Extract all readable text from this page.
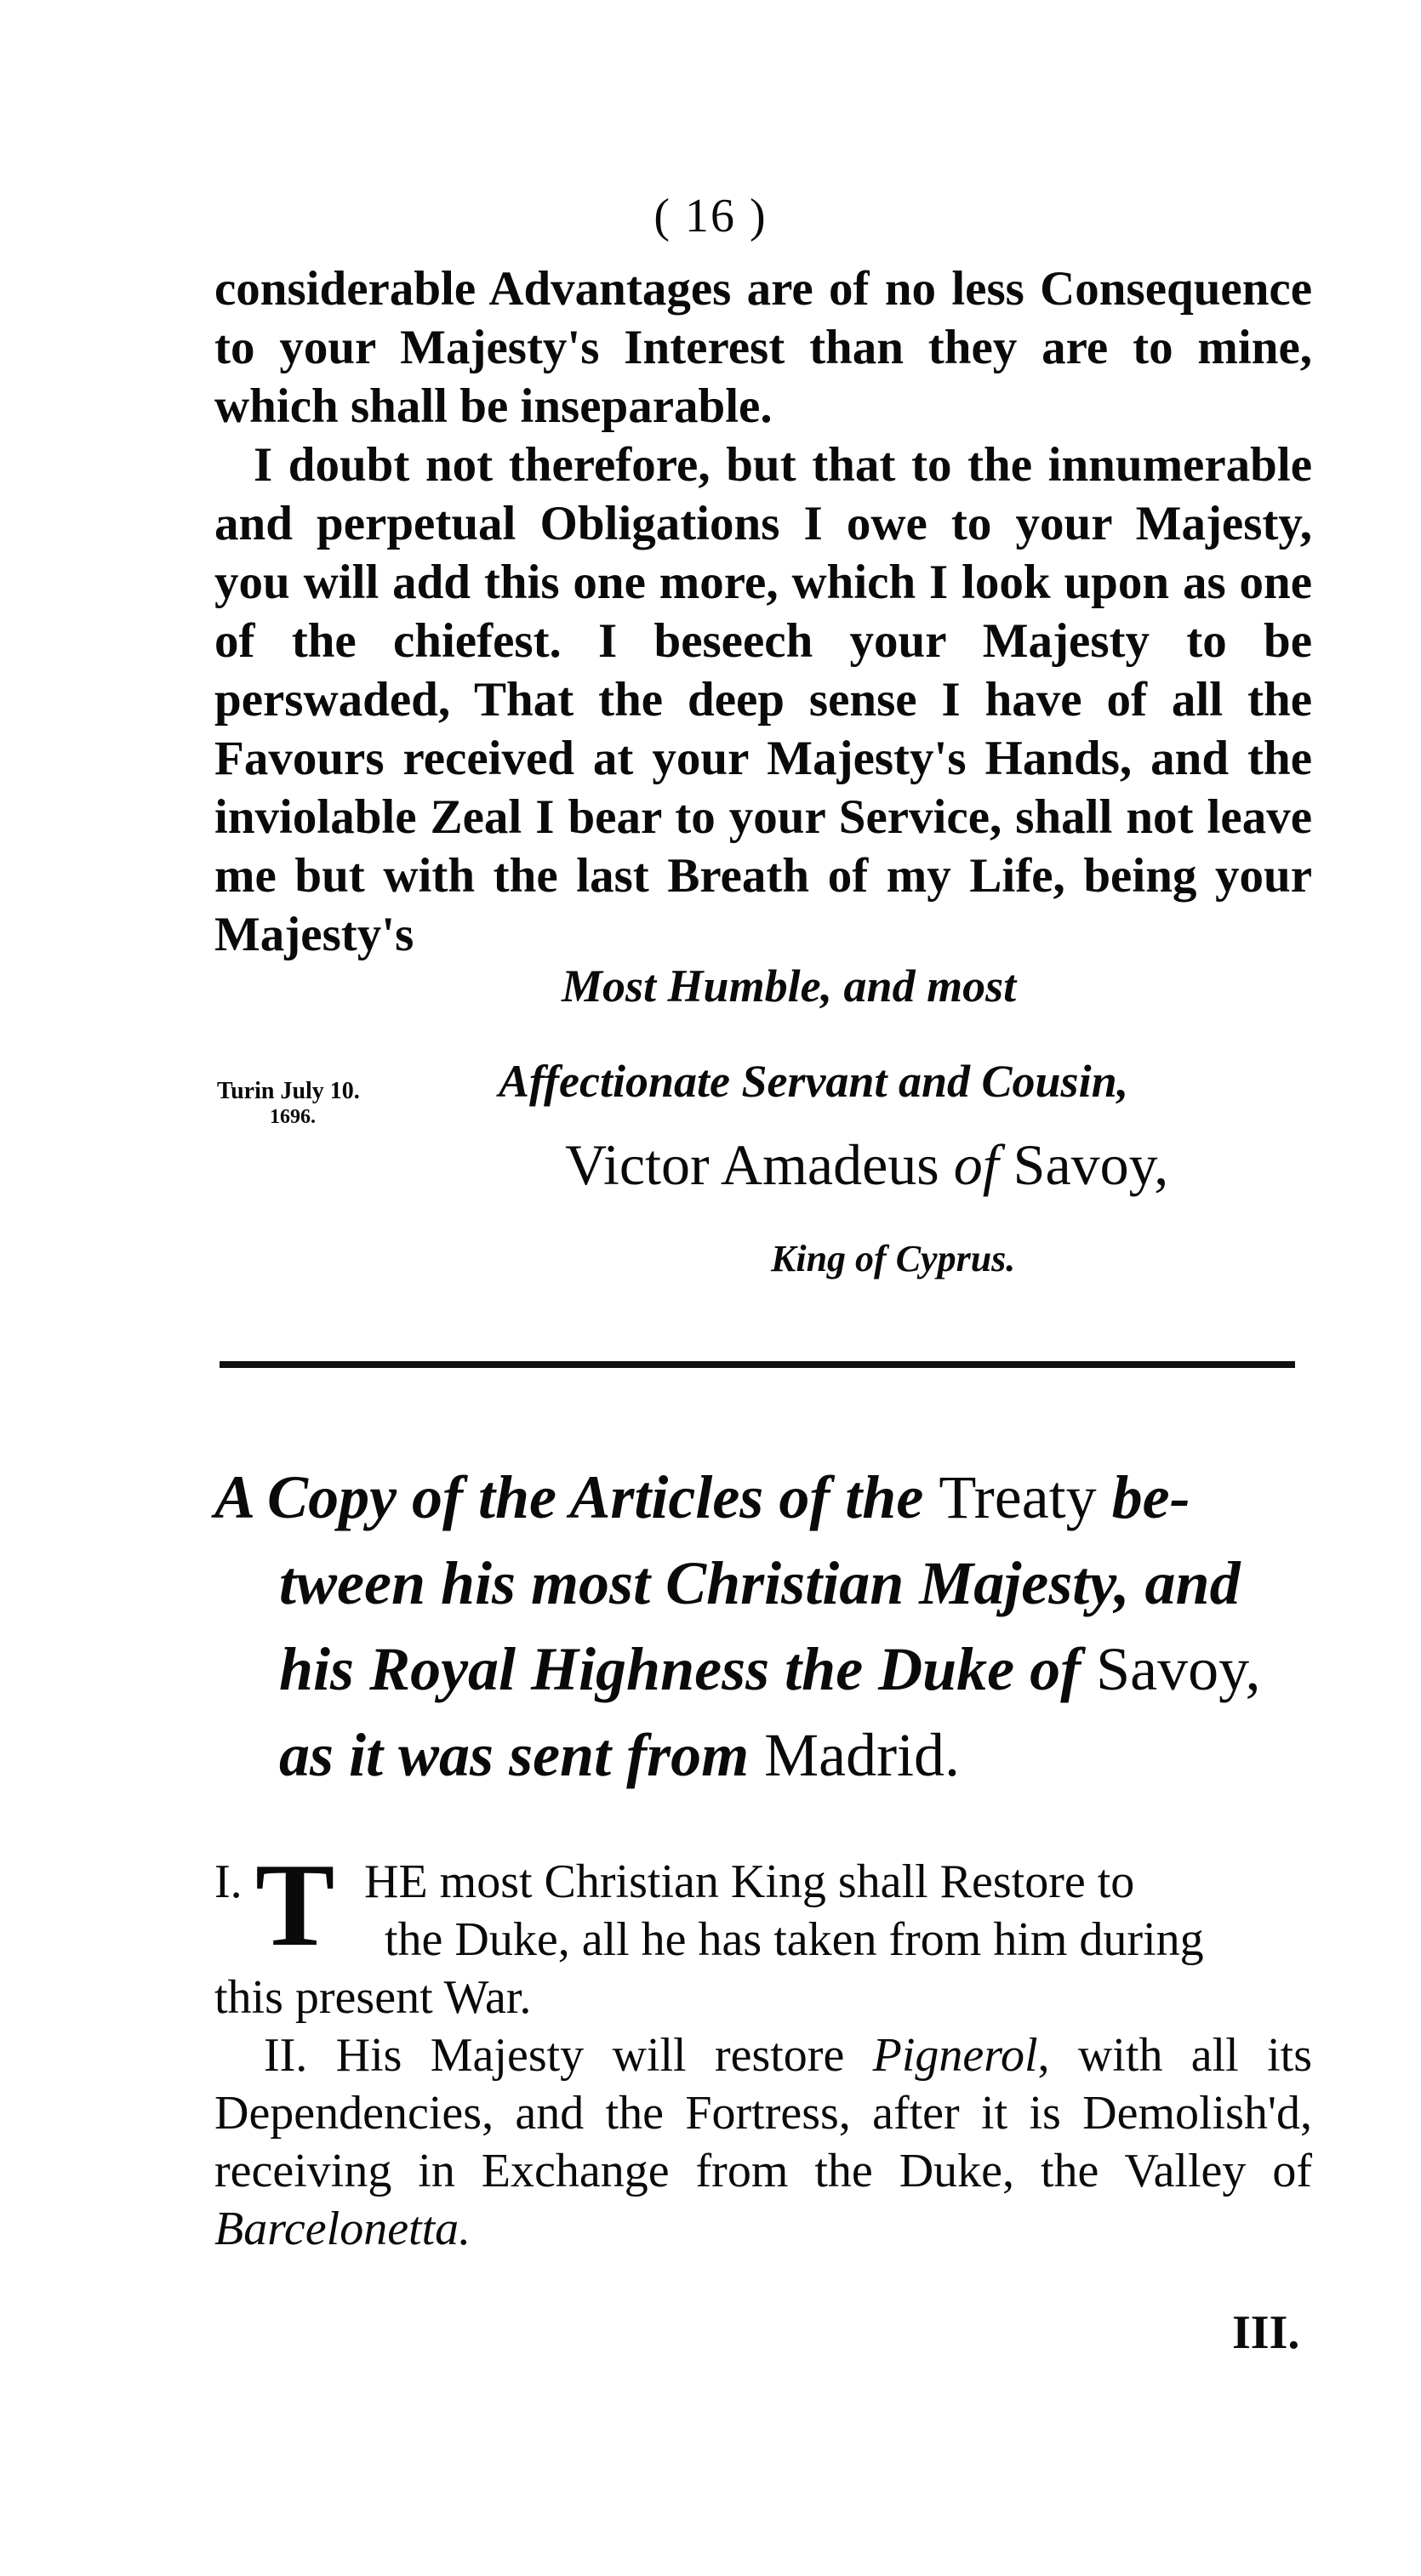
( 16 )

considerable Advantages are of no less Consequence to your Majesty's Interest than they are to mine, which shall be inseparable.

I doubt not therefore, but that to the innumerable and perpetual Obligations I owe to your Majesty, you will add this one more, which I look upon as one of the chiefest. I beseech your Majesty to be perswaded, That the deep sense I have of all the Favours received at your Majesty's Hands, and the inviolable Zeal I bear to your Service, shall not leave me but with the last Breath of my Life, being your Majesty's

Most Humble, and most
Affectionate Servant and Cousin,
Turin July 10.
1696.
Victor Amadeus of Savoy,
King of Cyprus.
A Copy of the Articles of the Treaty be-
tween his most Christian Majesty, and
his Royal Highness the Duke of Savoy,
as it was sent from Madrid.

I. T HE most Christian King shall Restore to
the Duke, all he has taken from him during
this present War.

II. His Majesty will restore Pignerol, with all its Dependencies, and the Fortress, after it is Demolish'd, receiving in Exchange from the Duke, the Valley of Barcelonetta.

III.
